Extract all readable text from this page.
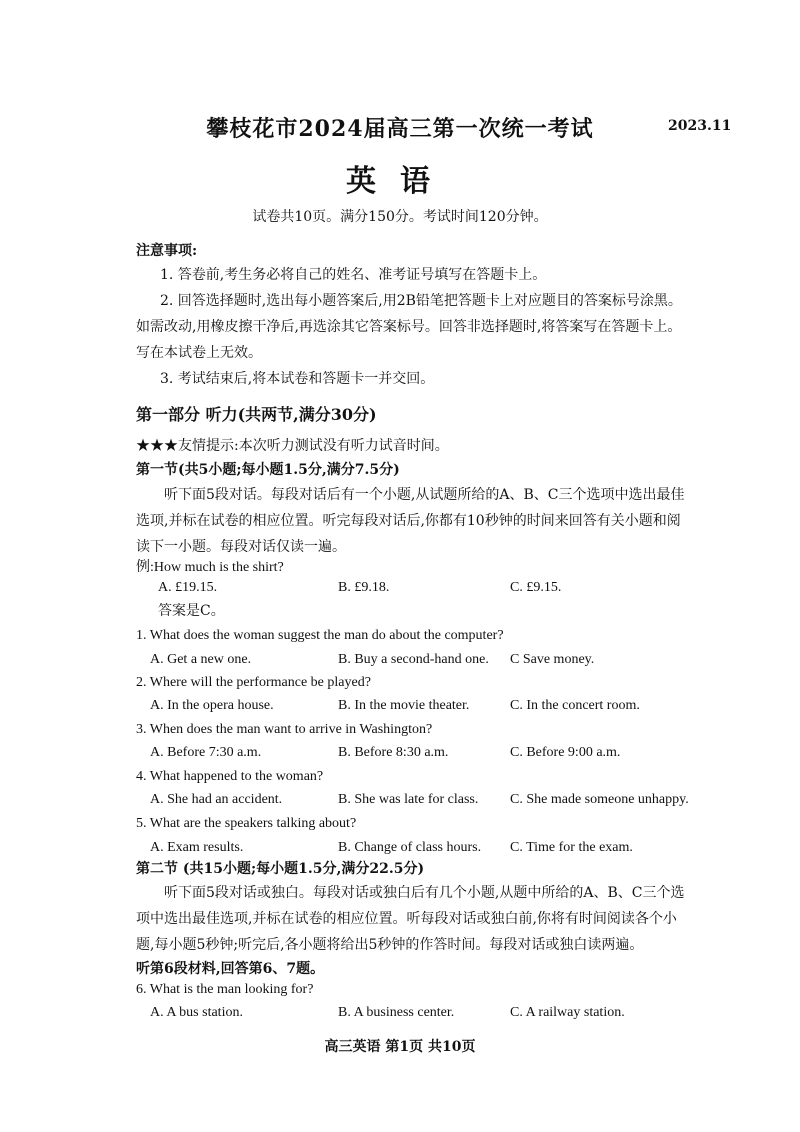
攀枝花市2024届高三第一次统一考试	2023.11
英语
试卷共10页。满分150分。考试时间120分钟。
注意事项:
1. 答卷前,考生务必将自己的姓名、准考证号填写在答题卡上。
2. 回答选择题时,选出每小题答案后,用2B铅笔把答题卡上对应题目的答案标号涂黑。如需改动,用橡皮擦干净后,再选涂其它答案标号。回答非选择题时,将答案写在答题卡上。写在本试卷上无效。
3. 考试结束后,将本试卷和答题卡一并交回。
第一部分 听力(共两节,满分30分)
★★★友情提示:本次听力测试没有听力试音时间。
第一节(共5小题;每小题1.5分,满分7.5分)
听下面5段对话。每段对话后有一个小题,从试题所给的A、B、C三个选项中选出最佳选项,并标在试卷的相应位置。听完每段对话后,你都有10秒钟的时间来回答有关小题和阅读下一小题。每段对话仅读一遍。
例:How much is the shirt?
A. £19.15.	B. £9.18.	C. £9.15.
答案是C。
1. What does the woman suggest the man do about the computer?
A. Get a new one.	B. Buy a second-hand one. C Save money.
2. Where will the performance be played?
A. In the opera house.	B. In the movie theater.	C. In the concert room.
3. When does the man want to arrive in Washington?
A. Before 7:30 a.m.	B. Before 8:30 a.m.	C. Before 9:00 a.m.
4. What happened to the woman?
A. She had an accident.	B. She was late for class. C. She made someone unhappy.
5. What are the speakers talking about?
A. Exam results.	B. Change of class hours. C. Time for the exam.
第二节 (共15小题;每小题1.5分,满分22.5分)
听下面5段对话或独白。每段对话或独白后有几个小题,从题中所给的A、B、C三个选项中选出最佳选项,并标在试卷的相应位置。听每段对话或独白前,你将有时间阅读各个小题,每小题5秒钟;听完后,各小题将给出5秒钟的作答时间。每段对话或独白读两遍。
听第6段材料,回答第6、7题。
6. What is the man looking for?
A. A bus station.	B. A business center.	C. A railway station.
高三英语 第1页 共10页
